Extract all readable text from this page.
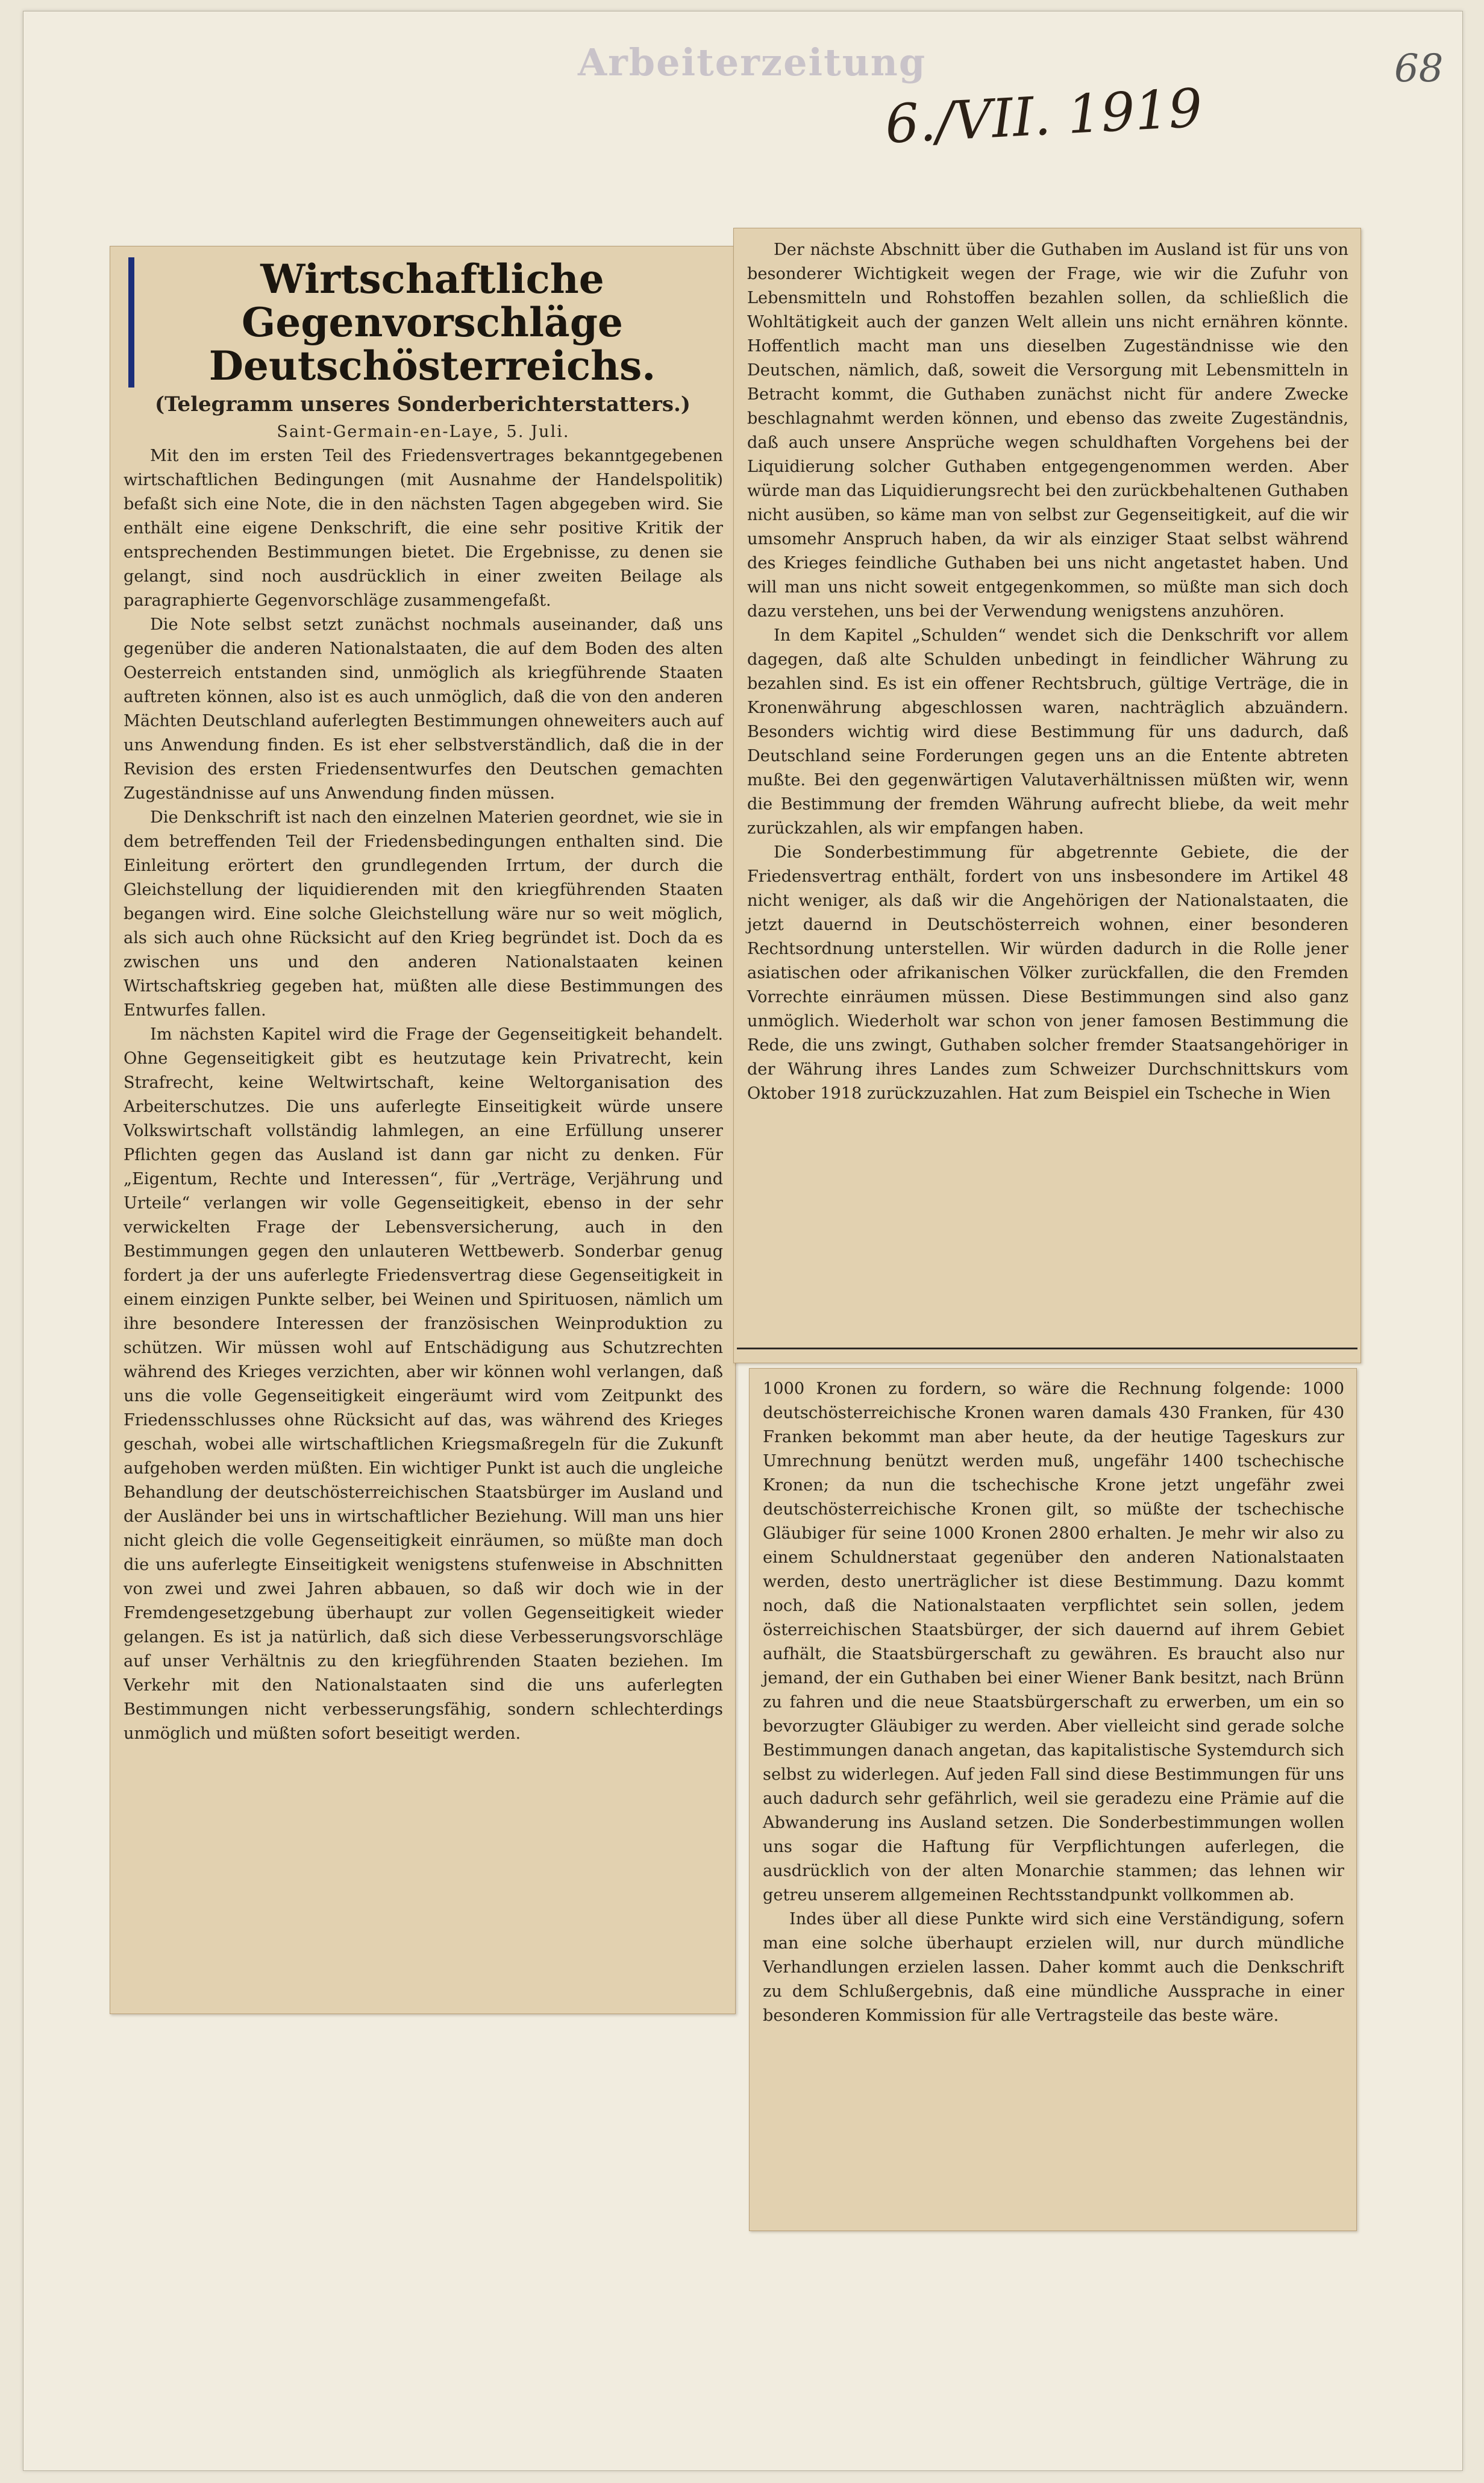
Arbeiterzeitung
6./VII. 1919
68
Wirtschaftliche Gegenvorschläge Deutschösterreichs.
(Telegramm unseres Sonderberichterstatters.)

Saint-Germain-en-Laye, 5. Juli.

Mit den im ersten Teil des Friedensvertrages bekanntgegebenen wirtschaftlichen Bedingungen (mit Ausnahme der Handelspolitik) befaßt sich eine Note, die in den nächsten Tagen abgegeben wird. Sie enthält eine eigene Denkschrift, die eine sehr positive Kritik der entsprechenden Bestimmungen bietet. Die Ergebnisse, zu denen sie gelangt, sind noch ausdrücklich in einer zweiten Beilage als paragraphierte Gegenvorschläge zusammengefaßt.

Die Note selbst setzt zunächst nochmals auseinander, daß uns gegenüber die anderen Nationalstaaten, die auf dem Boden des alten Oesterreich entstanden sind, unmöglich als kriegführende Staaten auftreten können, also ist es auch unmöglich, daß die von den anderen Mächten Deutschland auferlegten Bestimmungen ohneweiters auch auf uns Anwendung finden. Es ist eher selbstverständlich, daß die in der Revision des ersten Friedensentwurfes den Deutschen gemachten Zugeständnisse auf uns Anwendung finden müssen.

Die Denkschrift ist nach den einzelnen Materien geordnet, wie sie in dem betreffenden Teil der Friedensbedingungen enthalten sind. Die Einleitung erörtert den grundlegenden Irrtum, der durch die Gleichstellung der liquidierenden mit den kriegführenden Staaten begangen wird. Eine solche Gleichstellung wäre nur so weit möglich, als sich auch ohne Rücksicht auf den Krieg begründet ist. Doch da es zwischen uns und den anderen Nationalstaaten keinen Wirtschaftskrieg gegeben hat, müßten alle diese Bestimmungen des Entwurfes fallen.

Im nächsten Kapitel wird die Frage der Gegenseitigkeit behandelt. Ohne Gegenseitigkeit gibt es heutzutage kein Privatrecht, kein Strafrecht, keine Weltwirtschaft, keine Weltorganisation des Arbeiterschutzes. Die uns auferlegte Einseitigkeit würde unsere Volkswirtschaft vollständig lahmlegen, an eine Erfüllung unserer Pflichten gegen das Ausland ist dann gar nicht zu denken. Für „Eigentum, Rechte und Interessen“, für „Verträge, Verjährung und Urteile“ verlangen wir volle Gegenseitigkeit, ebenso in der sehr verwickelten Frage der Lebensversicherung, auch in den Bestimmungen gegen den unlauteren Wettbewerb. Sonderbar genug fordert ja der uns auferlegte Friedensvertrag diese Gegenseitigkeit in einem einzigen Punkte selber, bei Weinen und Spirituosen, nämlich um ihre besondere Interessen der französischen Weinproduktion zu schützen. Wir müssen wohl auf Entschädigung aus Schutzrechten während des Krieges verzichten, aber wir können wohl verlangen, daß uns die volle Gegenseitigkeit eingeräumt wird vom Zeitpunkt des Friedensschlusses ohne Rücksicht auf das, was während des Krieges geschah, wobei alle wirtschaftlichen Kriegsmaßregeln für die Zukunft aufgehoben werden müßten. Ein wichtiger Punkt ist auch die ungleiche Behandlung der deutschösterreichischen Staatsbürger im Ausland und der Ausländer bei uns in wirtschaftlicher Beziehung. Will man uns hier nicht gleich die volle Gegenseitigkeit einräumen, so müßte man doch die uns auferlegte Einseitigkeit wenigstens stufenweise in Abschnitten von zwei und zwei Jahren abbauen, so daß wir doch wie in der Fremdengesetzgebung überhaupt zur vollen Gegenseitigkeit wieder gelangen. Es ist ja natürlich, daß sich diese Verbesserungsvorschläge auf unser Verhältnis zu den kriegführenden Staaten beziehen. Im Verkehr mit den Nationalstaaten sind die uns auferlegten Bestimmungen nicht verbesserungsfähig, sondern schlechterdings unmöglich und müßten sofort beseitigt werden.

Der nächste Abschnitt über die Guthaben im Ausland ist für uns von besonderer Wichtigkeit wegen der Frage, wie wir die Zufuhr von Lebensmitteln und Rohstoffen bezahlen sollen, da schließlich die Wohltätigkeit auch der ganzen Welt allein uns nicht ernähren könnte. Hoffentlich macht man uns dieselben Zugeständnisse wie den Deutschen, nämlich, daß, soweit die Versorgung mit Lebensmitteln in Betracht kommt, die Guthaben zunächst nicht für andere Zwecke beschlagnahmt werden können, und ebenso das zweite Zugeständnis, daß auch unsere Ansprüche wegen schuldhaften Vorgehens bei der Liquidierung solcher Guthaben entgegengenommen werden. Aber würde man das Liquidierungsrecht bei den zurückbehaltenen Guthaben nicht ausüben, so käme man von selbst zur Gegenseitigkeit, auf die wir umsomehr Anspruch haben, da wir als einziger Staat selbst während des Krieges feindliche Guthaben bei uns nicht angetastet haben. Und will man uns nicht soweit entgegenkommen, so müßte man sich doch dazu verstehen, uns bei der Verwendung wenigstens anzuhören.

In dem Kapitel „Schulden“ wendet sich die Denkschrift vor allem dagegen, daß alte Schulden unbedingt in feindlicher Währung zu bezahlen sind. Es ist ein offener Rechtsbruch, gültige Verträge, die in Kronenwährung abgeschlossen waren, nachträglich abzuändern. Besonders wichtig wird diese Bestimmung für uns dadurch, daß Deutschland seine Forderungen gegen uns an die Entente abtreten mußte. Bei den gegenwärtigen Valutaverhältnissen müßten wir, wenn die Bestimmung der fremden Währung aufrecht bliebe, da weit mehr zurückzahlen, als wir empfangen haben.

Die Sonderbestimmung für abgetrennte Gebiete, die der Friedensvertrag enthält, fordert von uns insbesondere im Artikel 48 nicht weniger, als daß wir die Angehörigen der Nationalstaaten, die jetzt dauernd in Deutschösterreich wohnen, einer besonderen Rechtsordnung unterstellen. Wir würden dadurch in die Rolle jener asiatischen oder afrikanischen Völker zurückfallen, die den Fremden Vorrechte einräumen müssen. Diese Bestimmungen sind also ganz unmöglich. Wiederholt war schon von jener famosen Bestimmung die Rede, die uns zwingt, Guthaben solcher fremder Staatsangehöriger in der Währung ihres Landes zum Schweizer Durchschnittskurs vom Oktober 1918 zurückzuzahlen. Hat zum Beispiel ein Tscheche in Wien

1000 Kronen zu fordern, so wäre die Rechnung folgende: 1000 deutschösterreichische Kronen waren damals 430 Franken, für 430 Franken bekommt man aber heute, da der heutige Tageskurs zur Umrechnung benützt werden muß, ungefähr 1400 tschechische Kronen; da nun die tschechische Krone jetzt ungefähr zwei deutschösterreichische Kronen gilt, so müßte der tschechische Gläubiger für seine 1000 Kronen 2800 erhalten. Je mehr wir also zu einem Schuldnerstaat gegenüber den anderen Nationalstaaten werden, desto unerträglicher ist diese Bestimmung. Dazu kommt noch, daß die Nationalstaaten verpflichtet sein sollen, jedem österreichischen Staatsbürger, der sich dauernd auf ihrem Gebiet aufhält, die Staatsbürgerschaft zu gewähren. Es braucht also nur jemand, der ein Guthaben bei einer Wiener Bank besitzt, nach Brünn zu fahren und die neue Staatsbürgerschaft zu erwerben, um ein so bevorzugter Gläubiger zu werden. Aber vielleicht sind gerade solche Bestimmungen danach angetan, das kapitalistische Systemdurch sich selbst zu widerlegen. Auf jeden Fall sind diese Bestimmungen für uns auch dadurch sehr gefährlich, weil sie geradezu eine Prämie auf die Abwanderung ins Ausland setzen. Die Sonderbestimmungen wollen uns sogar die Haftung für Verpflichtungen auferlegen, die ausdrücklich von der alten Monarchie stammen; das lehnen wir getreu unserem allgemeinen Rechtsstandpunkt vollkommen ab.

Indes über all diese Punkte wird sich eine Verständigung, sofern man eine solche überhaupt erzielen will, nur durch mündliche Verhandlungen erzielen lassen. Daher kommt auch die Denkschrift zu dem Schlußergebnis, daß eine mündliche Aussprache in einer besonderen Kommission für alle Vertragsteile das beste wäre.
